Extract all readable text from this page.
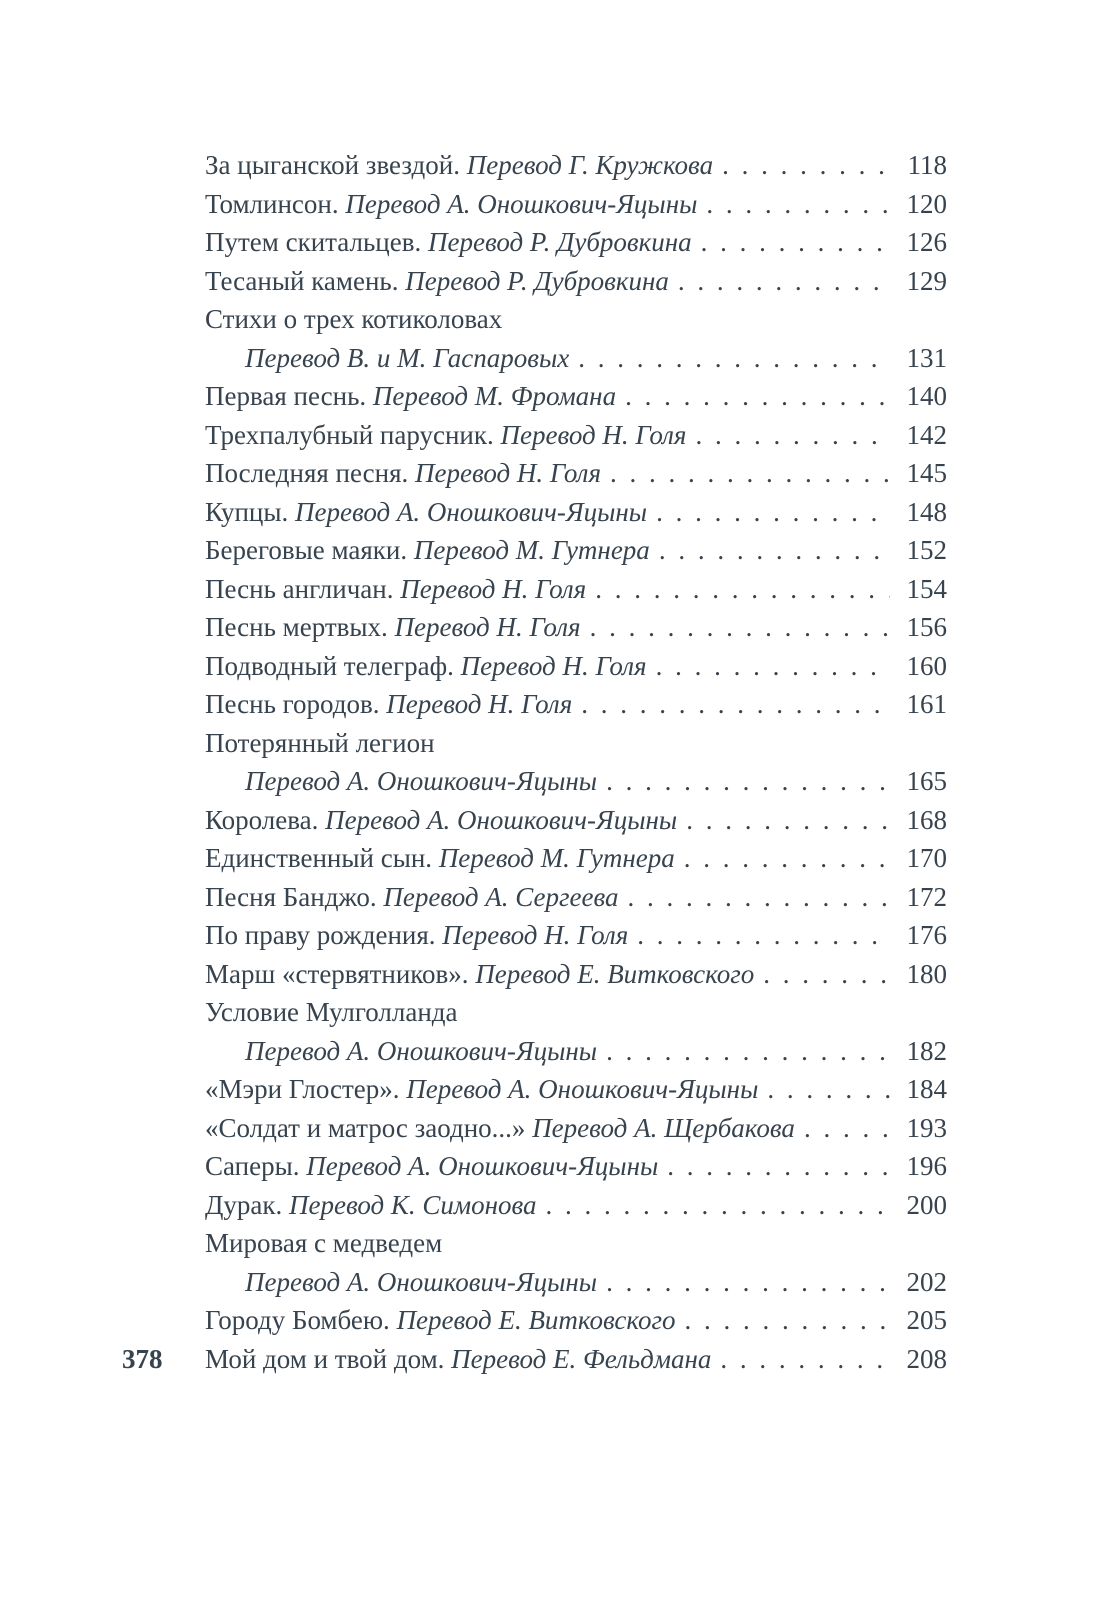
378
За цыганской звездой. Перевод Г. Кружкова . . .	118
Томлинсон. Перевод А. Оношкович-Яцыны . . .	120
Путем скитальцев. Перевод Р. Дубровкина . . .	126
Тесаный камень. Перевод Р. Дубровкина . . .	129
Стихи о трех котиколовах
Перевод В. и М. Гаспаровых . . .	131
Первая песнь. Перевод М. Фромана . . .	140
Трехпалубный парусник. Перевод Н. Голя . . .	142
Последняя песня. Перевод Н. Голя . . .	145
Купцы. Перевод А. Оношкович-Яцыны . . .	148
Береговые маяки. Перевод М. Гутнера . . .	152
Песнь англичан. Перевод Н. Голя . . .	154
Песнь мертвых. Перевод Н. Голя . . .	156
Подводный телеграф. Перевод Н. Голя . . .	160
Песнь городов. Перевод Н. Голя . . .	161
Потерянный легион
Перевод А. Оношкович-Яцыны . . .	165
Королева. Перевод А. Оношкович-Яцыны . . .	168
Единственный сын. Перевод М. Гутнера . . .	170
Песня Банджо. Перевод А. Сергеева . . .	172
По праву рождения. Перевод Н. Голя . . .	176
Марш «стервятников». Перевод Е. Витковского . . .	180
Условие Мулголланда
Перевод А. Оношкович-Яцыны . . .	182
«Мэри Глостер». Перевод А. Оношкович-Яцыны . . .	184
«Солдат и матрос заодно...» Перевод А. Щербакова . . .	193
Саперы. Перевод А. Оношкович-Яцыны . . .	196
Дурак. Перевод К. Симонова . . .	200
Мировая с медведем
Перевод А. Оношкович-Яцыны . . .	202
Городу Бомбею. Перевод Е. Витковского . . .	205
Мой дом и твой дом. Перевод Е. Фельдмана . . .	208
